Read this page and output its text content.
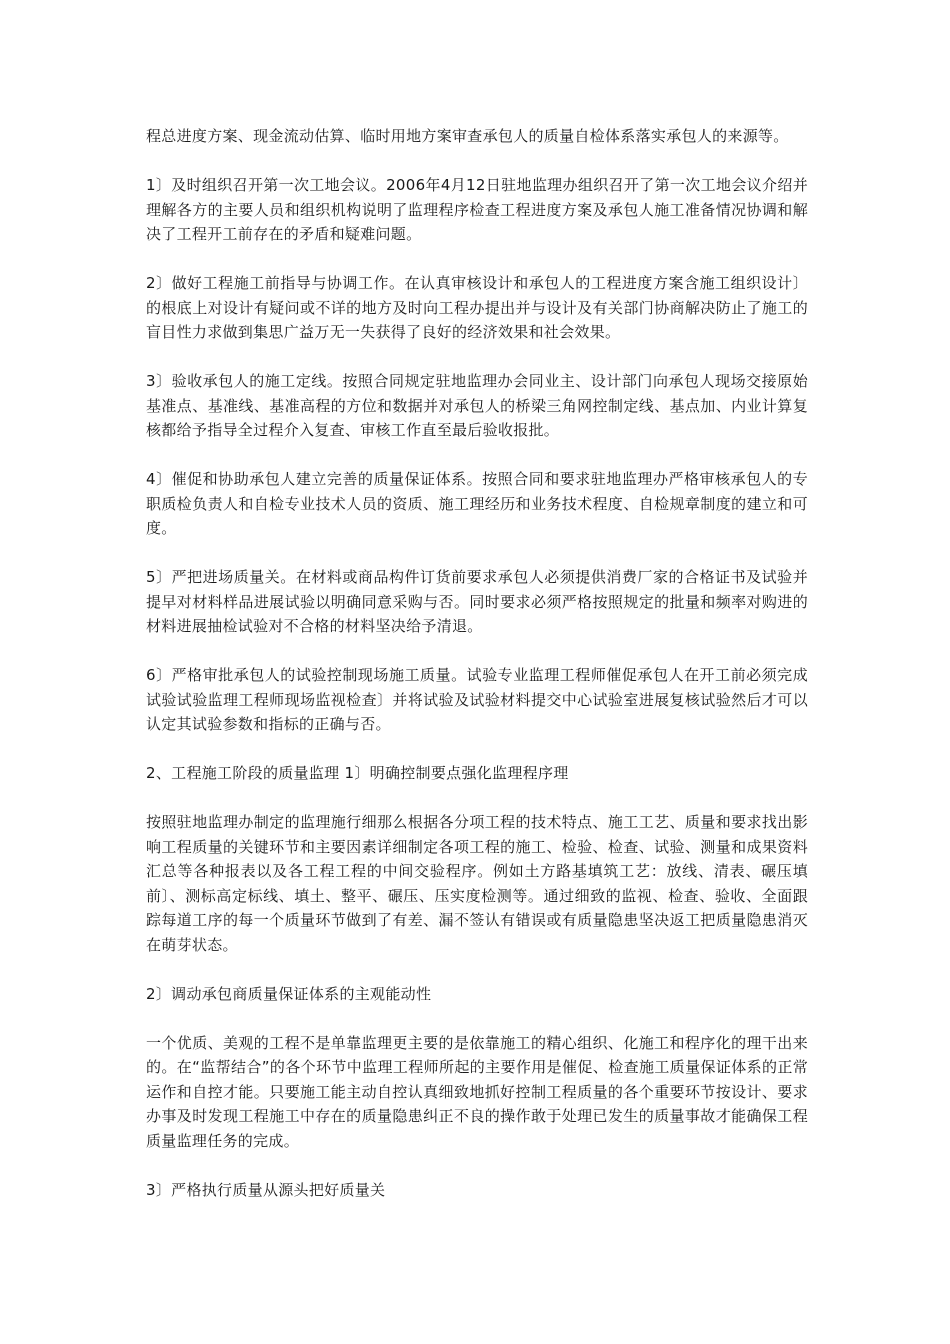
程总进度方案、现金流动估算、临时用地方案审查承包人的质量自检体系落实承包人的来源等。

1〕及时组织召开第一次工地会议。2006年4月12日驻地监理办组织召开了第一次工地会议介绍并理解各方的主要人员和组织机构说明了监理程序检查工程进度方案及承包人施工准备情况协调和解决了工程开工前存在的矛盾和疑难问题。

2〕做好工程施工前指导与协调工作。在认真审核设计和承包人的工程进度方案含施工组织设计〕的根底上对设计有疑问或不详的地方及时向工程办提出并与设计及有关部门协商解决防止了施工的盲目性力求做到集思广益万无一失获得了良好的经济效果和社会效果。

3〕验收承包人的施工定线。按照合同规定驻地监理办会同业主、设计部门向承包人现场交接原始基准点、基准线、基准高程的方位和数据并对承包人的桥梁三角网控制定线、基点加、内业计算复核都给予指导全过程介入复查、审核工作直至最后验收报批。

4〕催促和协助承包人建立完善的质量保证体系。按照合同和要求驻地监理办严格审核承包人的专职质检负责人和自检专业技术人员的资质、施工理经历和业务技术程度、自检规章制度的建立和可度。

5〕严把进场质量关。在材料或商品构件订货前要求承包人必须提供消费厂家的合格证书及试验并提早对材料样品进展试验以明确同意采购与否。同时要求必须严格按照规定的批量和频率对购进的材料进展抽检试验对不合格的材料坚决给予清退。

6〕严格审批承包人的试验控制现场施工质量。试验专业监理工程师催促承包人在开工前必须完成试验试验监理工程师现场监视检查〕并将试验及试验材料提交中心试验室进展复核试验然后才可以认定其试验参数和指标的正确与否。

2、工程施工阶段的质量监理 1〕明确控制要点强化监理程序理

按照驻地监理办制定的监理施行细那么根据各分项工程的技术特点、施工工艺、质量和要求找出影响工程质量的关键环节和主要因素详细制定各项工程的施工、检验、检查、试验、测量和成果资料汇总等各种报表以及各工程工程的中间交验程序。例如土方路基填筑工艺：放线、清表、碾压填前〕、测标高定标线、填土、整平、碾压、压实度检测等。通过细致的监视、检查、验收、全面跟踪每道工序的每一个质量环节做到了有差、漏不签认有错误或有质量隐患坚决返工把质量隐患消灭在萌芽状态。

2〕调动承包商质量保证体系的主观能动性

一个优质、美观的工程不是单靠监理更主要的是依靠施工的精心组织、化施工和程序化的理干出来的。在“监帮结合”的各个环节中监理工程师所起的主要作用是催促、检查施工质量保证体系的正常运作和自控才能。只要施工能主动自控认真细致地抓好控制工程质量的各个重要环节按设计、要求办事及时发现工程施工中存在的质量隐患纠正不良的操作敢于处理已发生的质量事故才能确保工程质量监理任务的完成。

3〕严格执行质量从源头把好质量关
